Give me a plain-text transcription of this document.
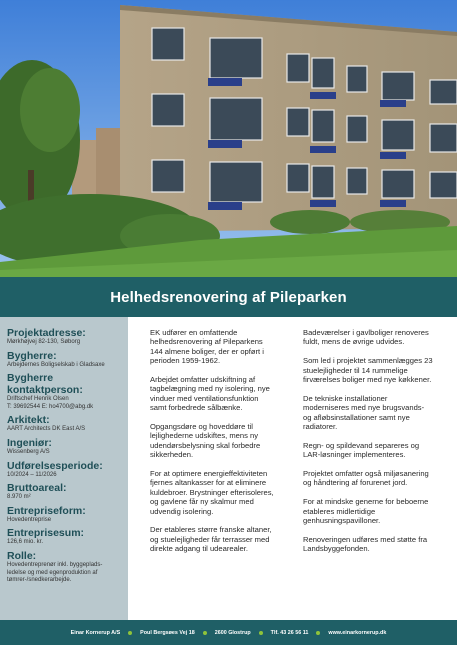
Helhedsrenovering af Pileparken
Projektadresse:
Mørkhøjvej 82-130, Søborg
Bygherre:
Arbejdernes Boligselskab i Gladsaxe
Bygherre kontaktperson:
Driftschef Henrik Olsen
T: 39692544 E: ho4700@abg.dk
Arkitekt:
AART Architects DK East A/S
Ingeniør:
Wissenberg A/S
Udførelsesperiode:
10/2024 – 11/2026
Bruttoareal:
8.970 m²
Entrepriseform:
Hovedentreprise
Entreprisesum:
126,6 mio. kr.
Rolle:
Hovedentreprenør inkl. byggeplads-
ledelse og med egenproduktion af
tømrer-/snedkerarbejde.

EK udfører en omfattende helhedsrenovering af Pileparkens 144 almene boliger, der er opført i perioden 1959-1962.

Arbejdet omfatter udskiftning af tagbelægning med ny isolering, nye vinduer med ventilationsfunktion samt forbedrede sålbænke.

Opgangsdøre og hoveddøre til lejlighederne udskiftes, mens ny udendørsbelysning skal forbedre sikkerheden.

For at optimere energieffektiviteten fjernes altankasser for at eliminere kuldebroer. Brystninger efterisoleres, og gavlene får ny skalmur med udvendig isolering.

Der etableres større franske altaner, og stuelejligheder får terrasser med direkte adgang til udearealer.

Badeværelser i gavlboliger renoveres fuldt, mens de øvrige udvides.

Som led i projektet sammenlægges 23 stuelejligheder til 14 rummelige firværelses boliger med nye køkkener.

De tekniske installationer moderniseres med nye brugsvands- og afløbsinstallationer samt nye radiatorer.

Regn- og spildevand separeres og LAR-løsninger implementeres.

Projektet omfatter også miljøsanering og håndtering af forurenet jord.

For at mindske generne for beboerne etableres midlertidige genhusningspavilloner.

Renoveringen udføres med støtte fra Landsbyggefonden.

Einar Kornerup A/S	Poul Bergsøes Vej 18	2600 Glostrup	Tlf. 43 26 56 11	www.einarkornerup.dk
